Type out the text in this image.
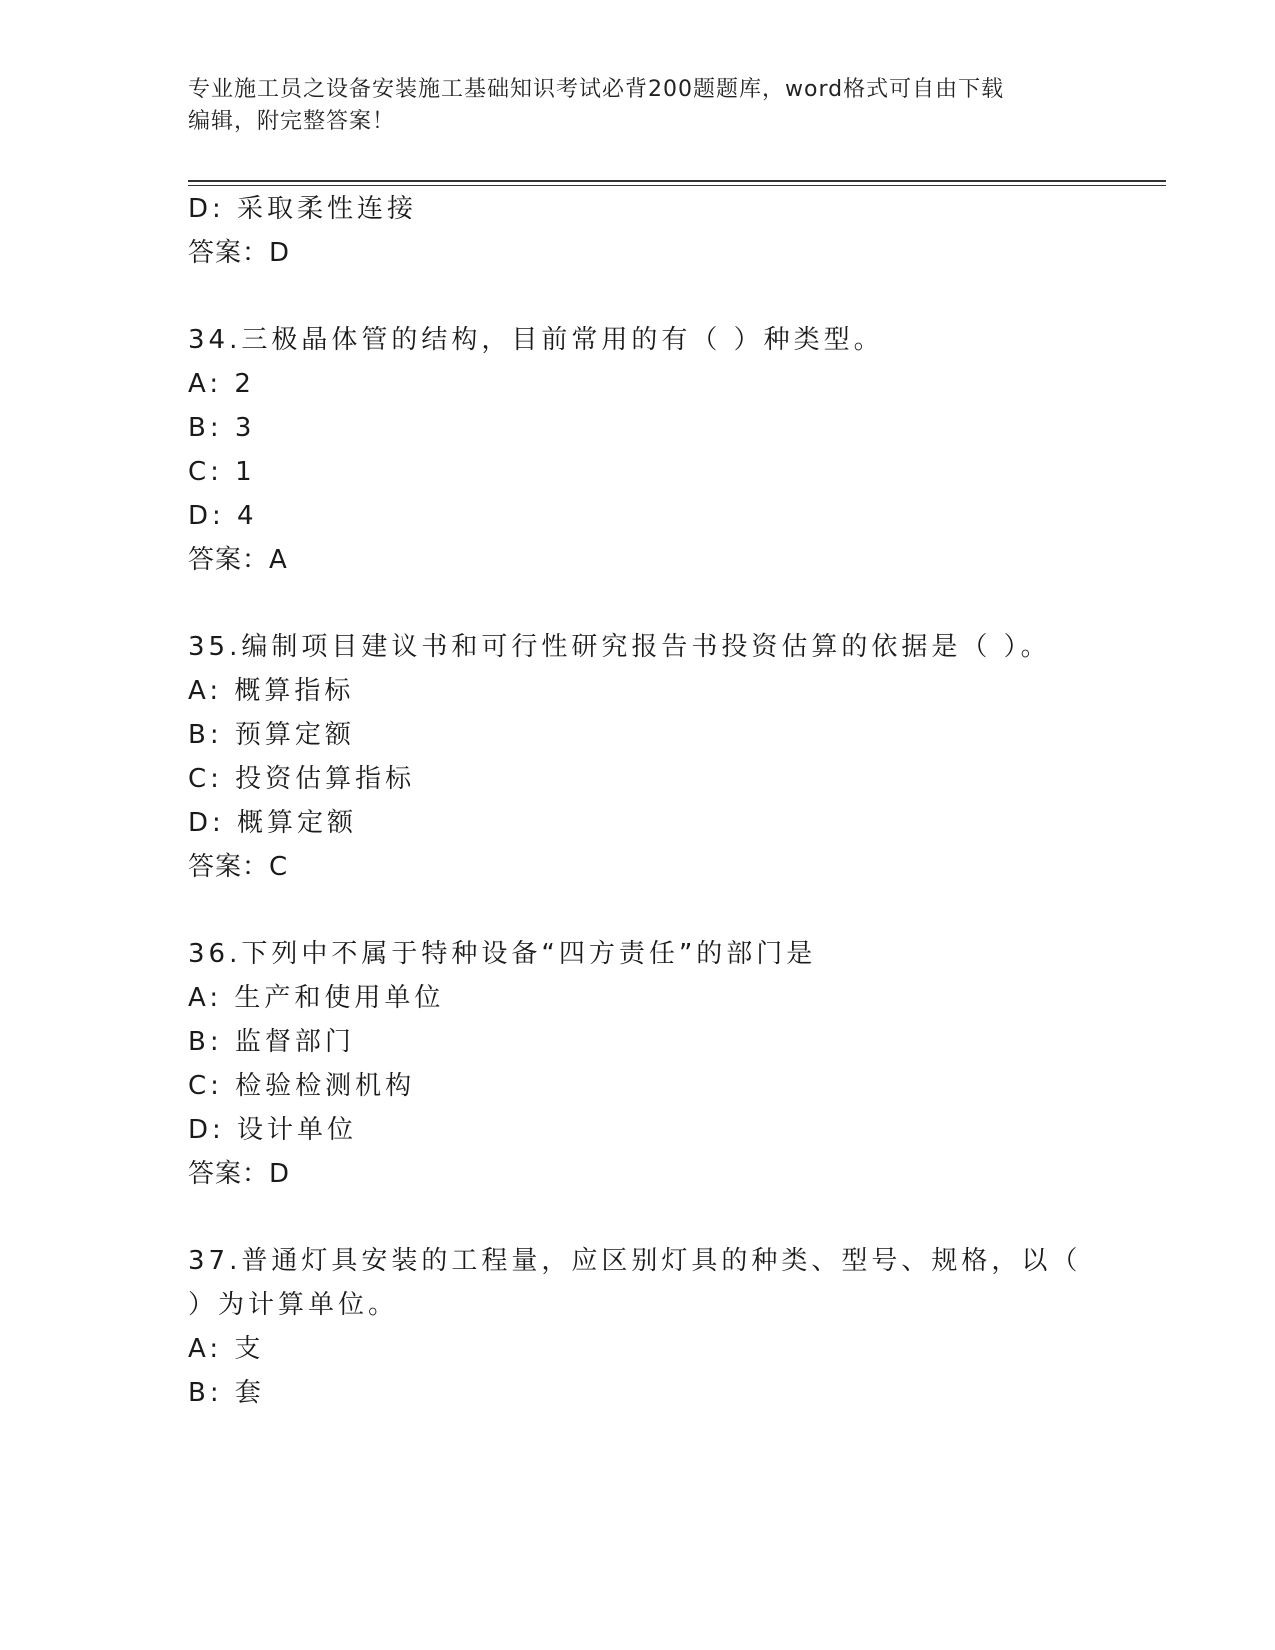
专业施工员之设备安装施工基础知识考试必背200题题库，word格式可自由下载
编辑，附完整答案！
D: 采取柔性连接
答案：D
34.三极晶体管的结构，目前常用的有（ ）种类型。
A: 2
B: 3
C: 1
D: 4
答案：A
35.编制项目建议书和可行性研究报告书投资估算的依据是（ ）。
A: 概算指标
B: 预算定额
C: 投资估算指标
D: 概算定额
答案：C
36.下列中不属于特种设备“四方责任”的部门是
A: 生产和使用单位
B: 监督部门
C: 检验检测机构
D: 设计单位
答案：D
37.普通灯具安装的工程量，应区别灯具的种类、型号、规格，以（
）为计算单位。
A: 支
B: 套
